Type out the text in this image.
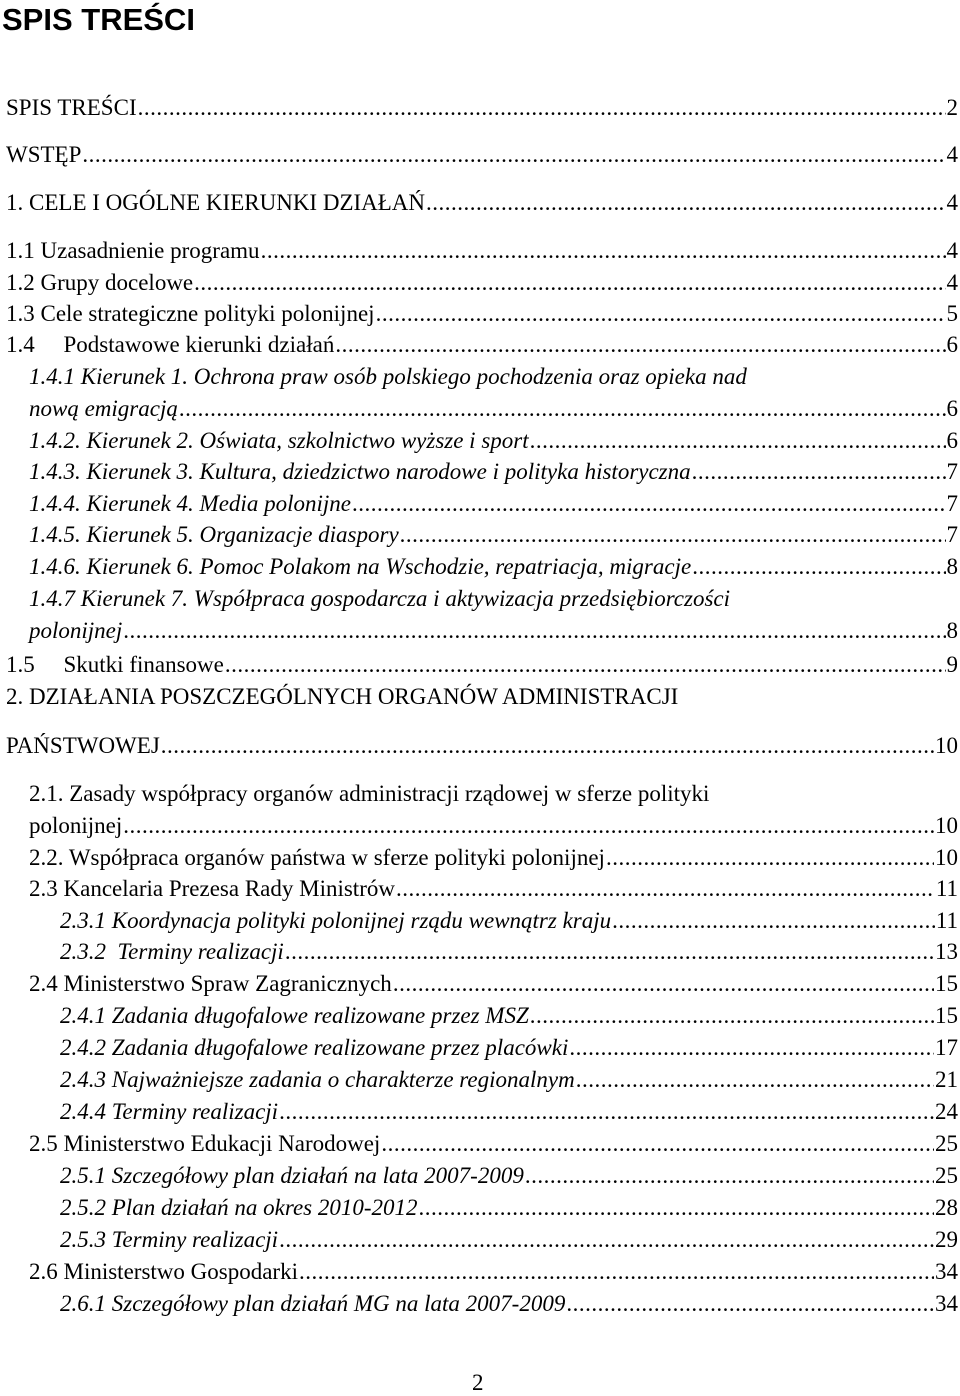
SPIS TREŚCI
SPIS TREŚCI .....	2
WSTĘP .....	4
1. CELE I OGÓLNE KIERUNKI DZIAŁAŃ .....	4
1.1 Uzasadnienie programu .....	4
1.2 Grupy docelowe .....	4
1.3 Cele strategiczne polityki polonijnej .....	5
1.4     Podstawowe kierunki działań .....	6
1.4.1 Kierunek 1. Ochrona praw osób polskiego pochodzenia oraz opieka nad
nową emigracją .....	6
1.4.2. Kierunek 2. Oświata, szkolnictwo wyższe i sport .....	6
1.4.3. Kierunek 3. Kultura, dziedzictwo narodowe i polityka historyczna .....	7
1.4.4. Kierunek 4. Media polonijne .....	7
1.4.5. Kierunek 5. Organizacje diaspory .....	7
1.4.6. Kierunek 6. Pomoc Polakom na Wschodzie, repatriacja, migracje .....	8
1.4.7 Kierunek 7. Współpraca gospodarcza i aktywizacja przedsiębiorczości
polonijnej .....	8
1.5     Skutki finansowe .....	9
2. DZIAŁANIA POSZCZEGÓLNYCH ORGANÓW ADMINISTRACJI
PAŃSTWOWEJ .....	10
2.1. Zasady współpracy organów administracji rządowej w sferze polityki
polonijnej .....	10
2.2. Współpraca organów państwa w sferze polityki polonijnej .....	10
2.3 Kancelaria Prezesa Rady Ministrów .....	11
2.3.1 Koordynacja polityki polonijnej rządu wewnątrz kraju .....	11
2.3.2  Terminy realizacji .....	13
2.4 Ministerstwo Spraw Zagranicznych .....	15
2.4.1 Zadania długofalowe realizowane przez MSZ .....	15
2.4.2 Zadania długofalowe realizowane przez placówki .....	17
2.4.3 Najważniejsze zadania o charakterze regionalnym .....	21
2.4.4 Terminy realizacji .....	24
2.5 Ministerstwo Edukacji Narodowej .....	25
2.5.1 Szczegółowy plan działań na lata 2007-2009 .....	25
2.5.2 Plan działań na okres 2010-2012 .....	28
2.5.3 Terminy realizacji .....	29
2.6 Ministerstwo Gospodarki .....	34
2.6.1 Szczegółowy plan działań MG na lata 2007-2009 .....	34
2
